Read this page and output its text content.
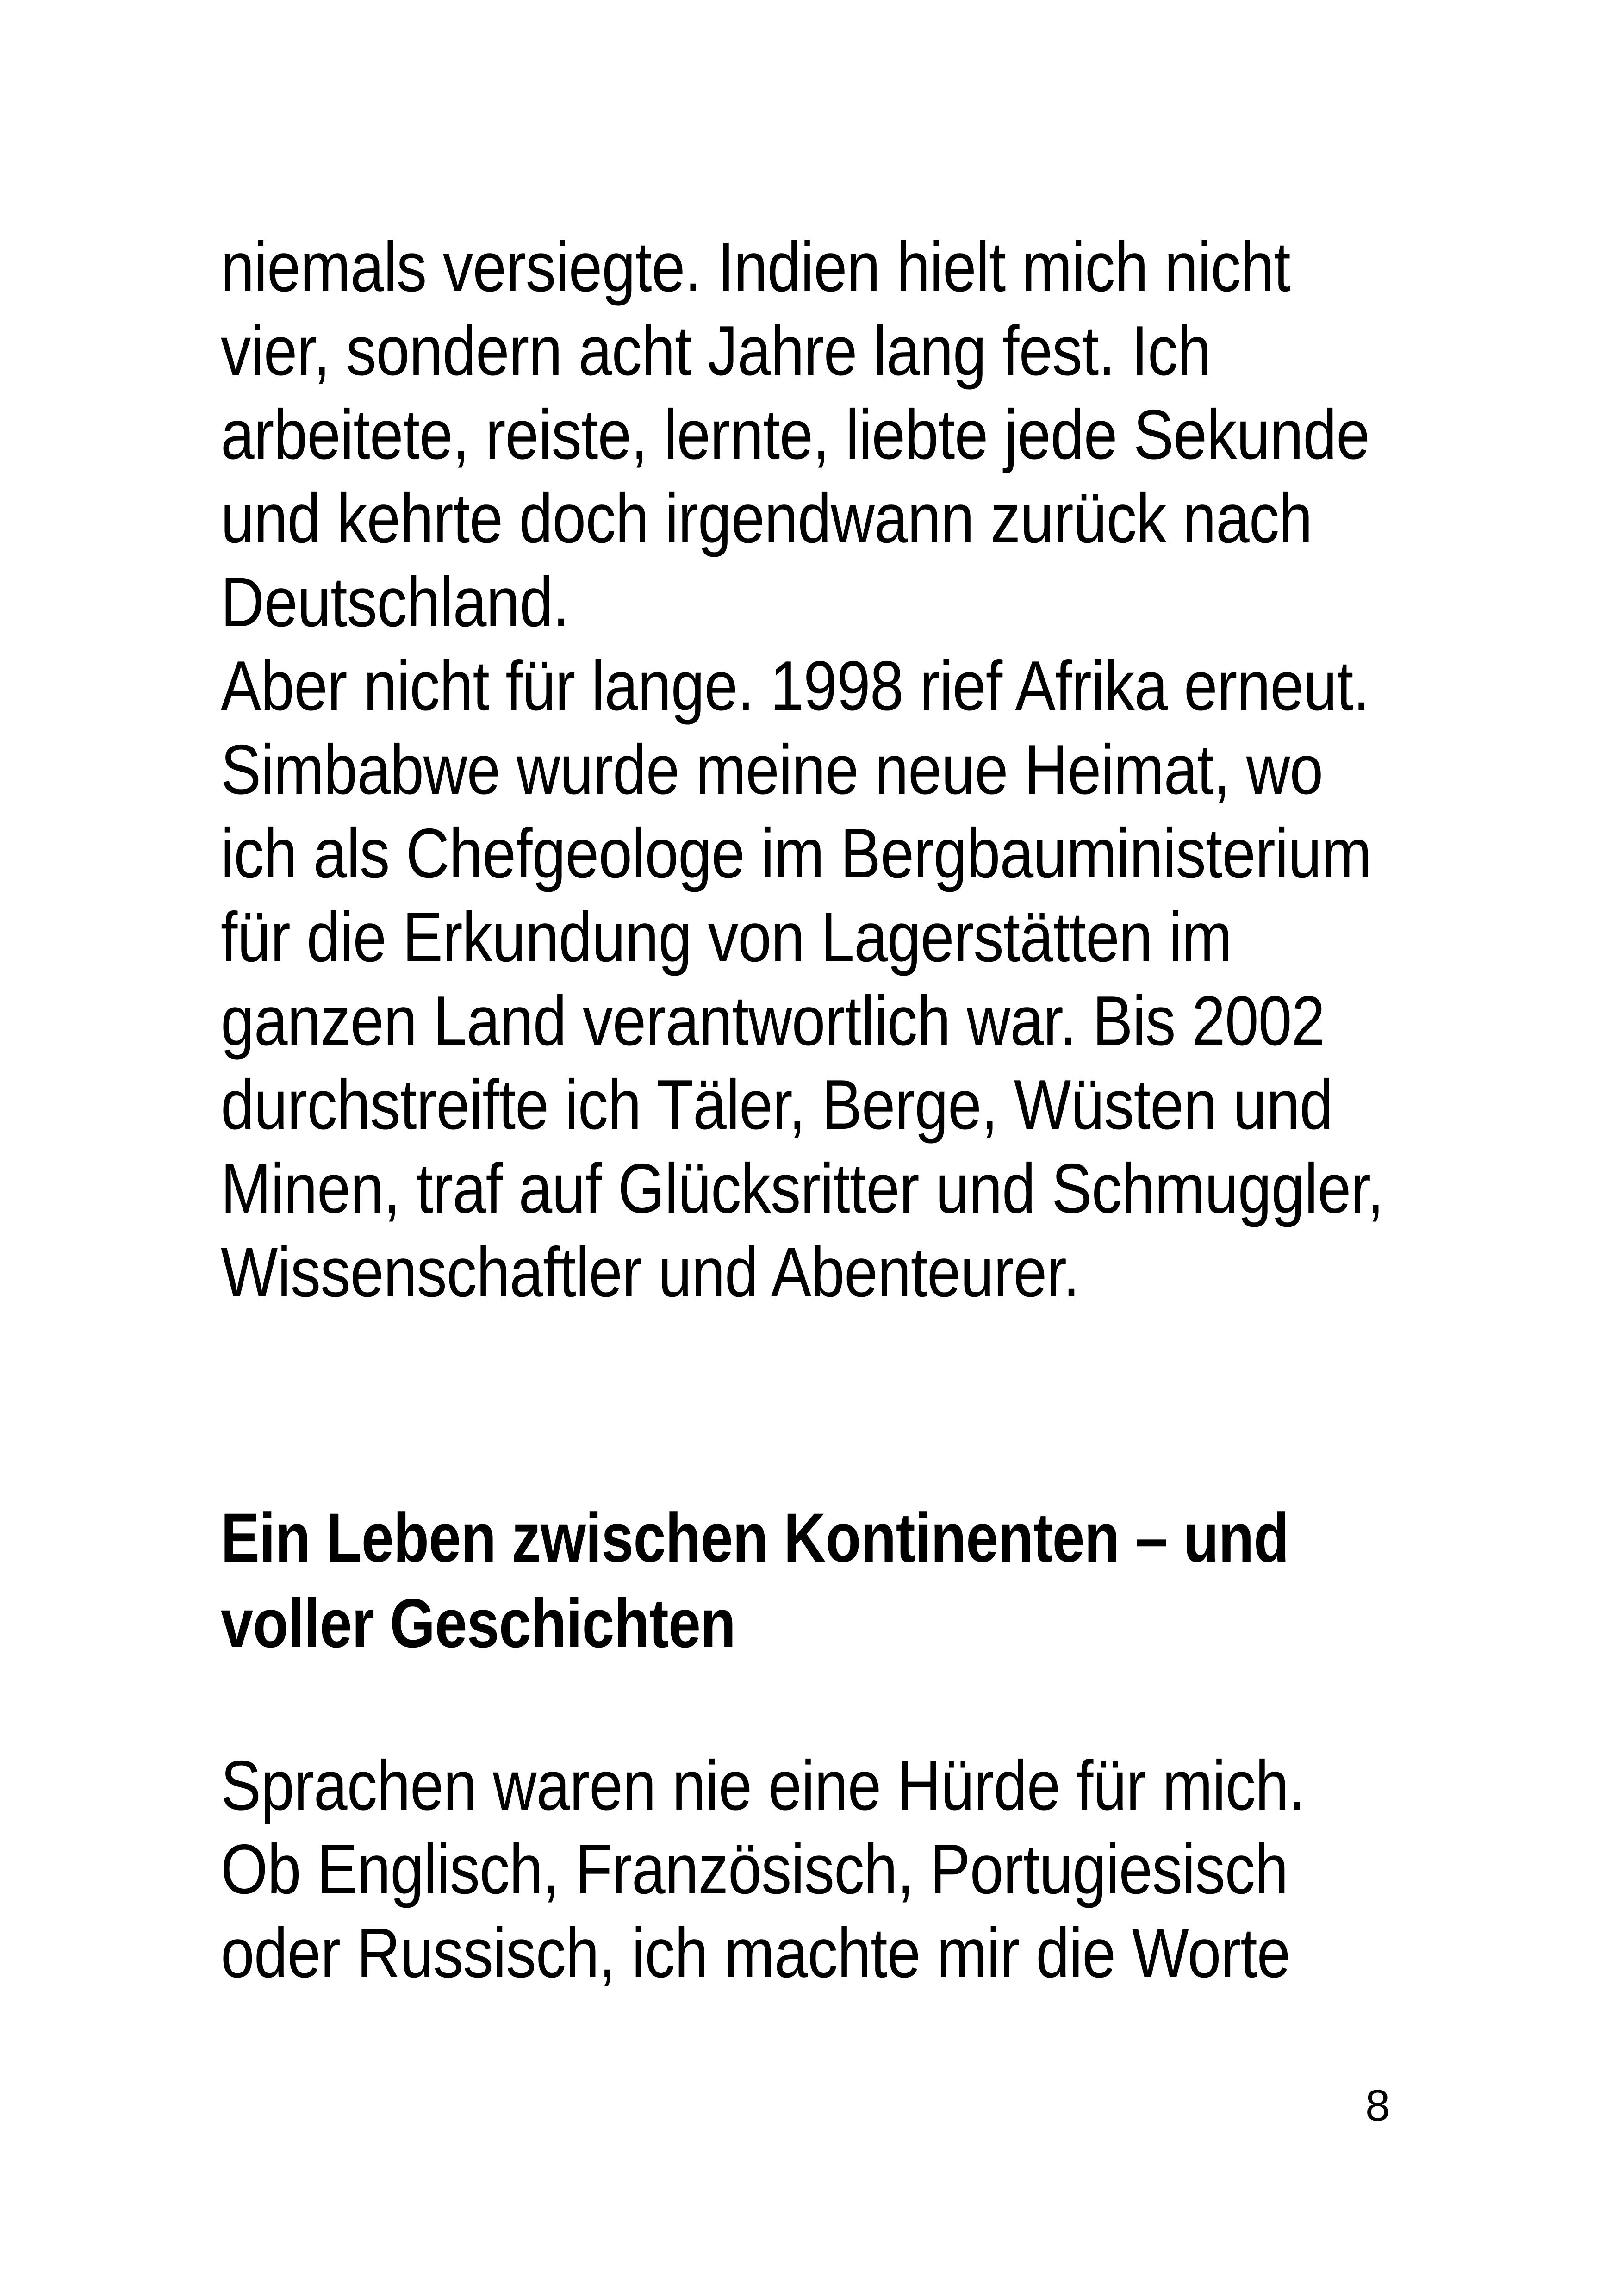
niemals versiegte. Indien hielt mich nicht
vier, sondern acht Jahre lang fest. Ich
arbeitete, reiste, lernte, liebte jede Sekunde
und kehrte doch irgendwann zurück nach
Deutschland.
Aber nicht für lange. 1998 rief Afrika erneut.
Simbabwe wurde meine neue Heimat, wo
ich als Chefgeologe im Bergbauministerium
für die Erkundung von Lagerstätten im
ganzen Land verantwortlich war. Bis 2002
durchstreifte ich Täler, Berge, Wüsten und
Minen, traf auf Glücksritter und Schmuggler,
Wissenschaftler und Abenteurer.

Ein Leben zwischen Kontinenten – und
voller Geschichten

Sprachen waren nie eine Hürde für mich.
Ob Englisch, Französisch, Portugiesisch
oder Russisch, ich machte mir die Worte

8
